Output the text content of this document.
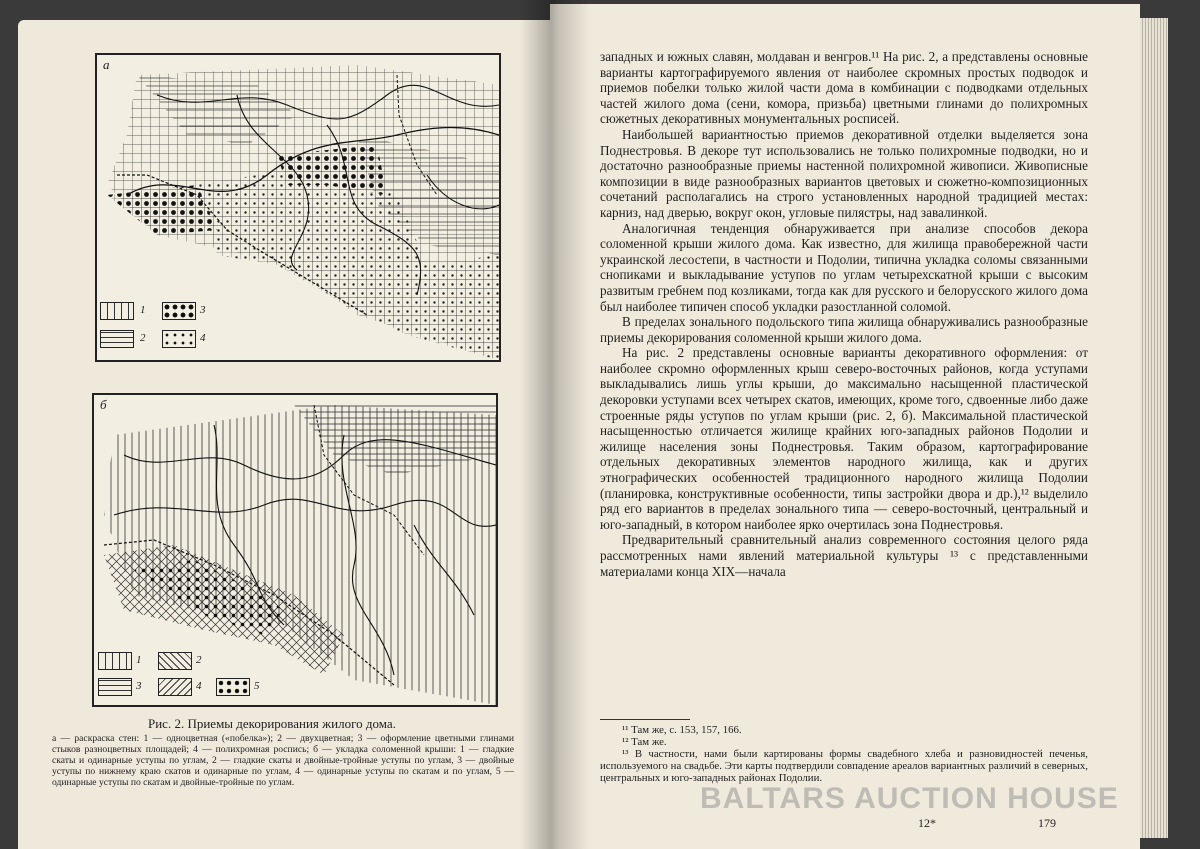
а
1
2
3
4
б
1	2
3	4	5
Рис. 2. Приемы декорирования жилого дома.
а — раскраска стен: 1 — одноцветная («побелка»); 2 — двухцветная; 3 — оформление цветными глинами стыков разноцветных площадей; 4 — полихромная роспись; б — укладка соломенной крыши: 1 — гладкие скаты и одинарные уступы по углам, 2 — гладкие скаты и двойные-тройные уступы по углам, 3 — двойные уступы по нижнему краю скатов и одинарные по углам, 4 — одинарные уступы по скатам и по углам, 5 — одинарные уступы по скатам и двойные-тройные по углам.

западных и южных славян, молдаван и венгров.¹¹ На рис. 2, а представлены основные варианты картографируемого явления от наиболее скромных простых подводок и приемов побелки только жилой части дома в комбинации с подводками отдельных частей жилого дома (сени, комора, призьба) цветными глинами до полихромных сюжетных декоративных монументальных росписей.

Наибольшей вариантностью приемов декоративной отделки выделяется зона Поднестровья. В декоре тут использовались не только полихромные подводки, но и достаточно разнообразные приемы настенной полихромной живописи. Живописные композиции в виде разнообразных вариантов цветовых и сюжетно-композиционных сочетаний располагались на строго установленных народной традицией местах: карниз, над дверью, вокруг окон, угловые пилястры, над завалинкой.

Аналогичная тенденция обнаруживается при анализе способов декора соломенной крыши жилого дома. Как известно, для жилища правобережной части украинской лесостепи, в частности и Подолии, типична укладка соломы связанными снопиками и выкладывание уступов по углам четырехскатной крыши с высоким развитым гребнем под козликами, тогда как для русского и белорусского жилого дома был наиболее типичен способ укладки разостланной соломой.

В пределах зонального подольского типа жилища обнаруживались разнообразные приемы декорирования соломенной крыши жилого дома.

На рис. 2 представлены основные варианты декоративного оформления: от наиболее скромно оформленных крыш северо-восточных районов, когда уступами выкладывались лишь углы крыши, до максимально насыщенной пластической декоровки уступами всех четырех скатов, имеющих, кроме того, сдвоенные либо даже строенные ряды уступов по углам крыши (рис. 2, б). Максимальной пластической насыщенностью отличается жилище крайних юго-западных районов Подолии и жилище населения зоны Поднестровья. Таким образом, картографирование отдельных декоративных элементов народного жилища, как и других этнографических особенностей традиционного народного жилища Подолии (планировка, конструктивные особенности, типы застройки двора и др.),¹² выделило ряд его вариантов в пределах зонального типа — северо-восточный, центральный и юго-западный, в котором наиболее ярко очертилась зона Поднестровья.

Предварительный сравнительный анализ современного состояния целого ряда рассмотренных нами явлений материальной культуры ¹³ с представленными материалами конца XIX—начала

¹¹ Там же, с. 153, 157, 166.

¹² Там же.

¹³ В частности, нами были картированы формы свадебного хлеба и разновидностей печенья, используемого на свадьбе. Эти карты подтвердили совпадение ареалов вариантных различий в северных, центральных и юго-западных районах Подолии.

12*	179
BALTARS AUCTION HOUSE
